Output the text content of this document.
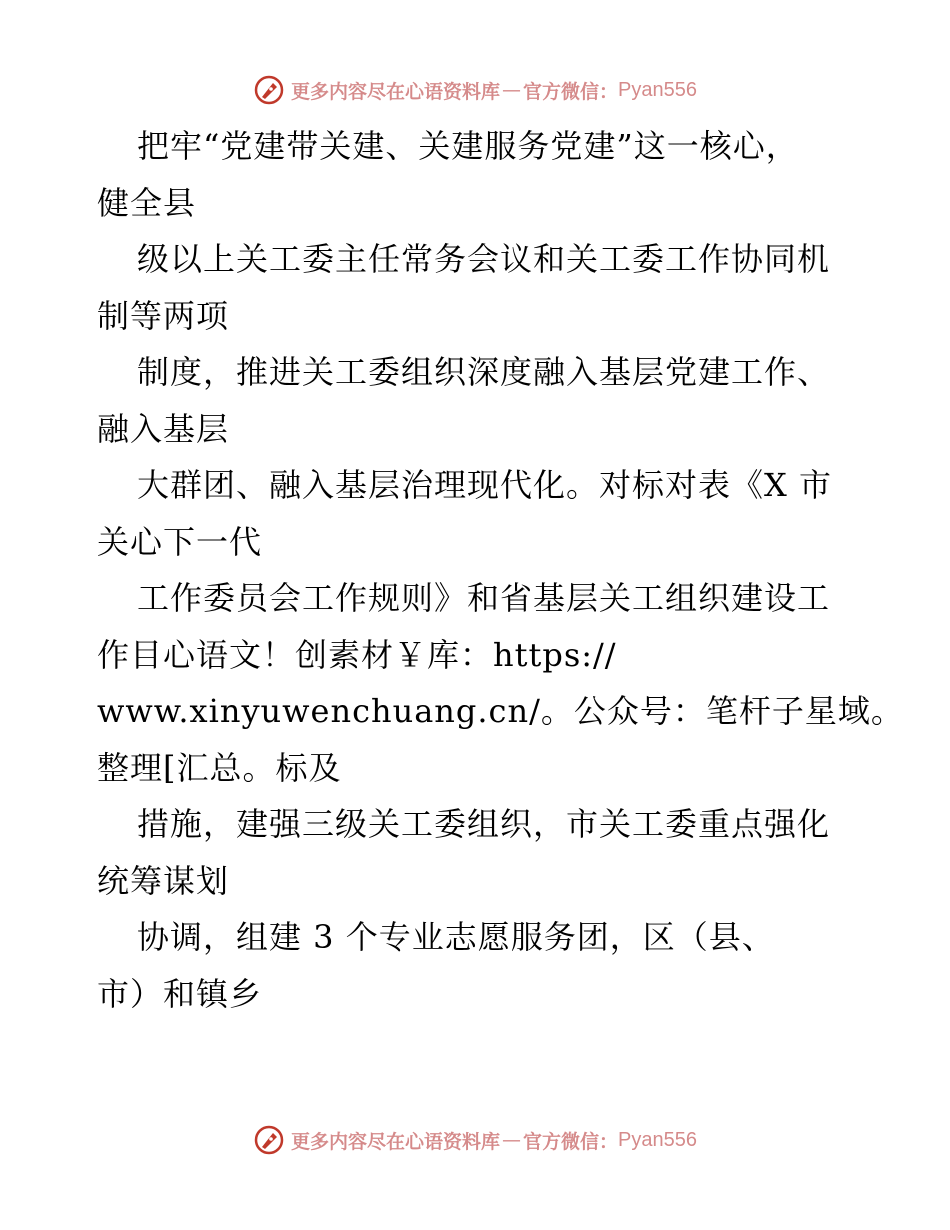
更多内容尽在心语资料库 — 官方微信： Pyan556
把牢“党建带关建、关建服务党建”这一核心，
健全县
级以上关工委主任常务会议和关工委工作协同机
制等两项
制度，推进关工委组织深度融入基层党建工作、
融入基层
大群团、融入基层治理现代化。对标对表《X 市
关心下一代
工作委员会工作规则》和省基层关工组织建设工
作目心语文！创素材￥库：https://
www.xinyuwenchuang.cn/。公众号：笔杆子星域。
整理[汇总。标及
措施，建强三级关工委组织，市关工委重点强化
统筹谋划
协调，组建 3 个专业志愿服务团，区（县、
市）和镇乡
更多内容尽在心语资料库 — 官方微信： Pyan556
